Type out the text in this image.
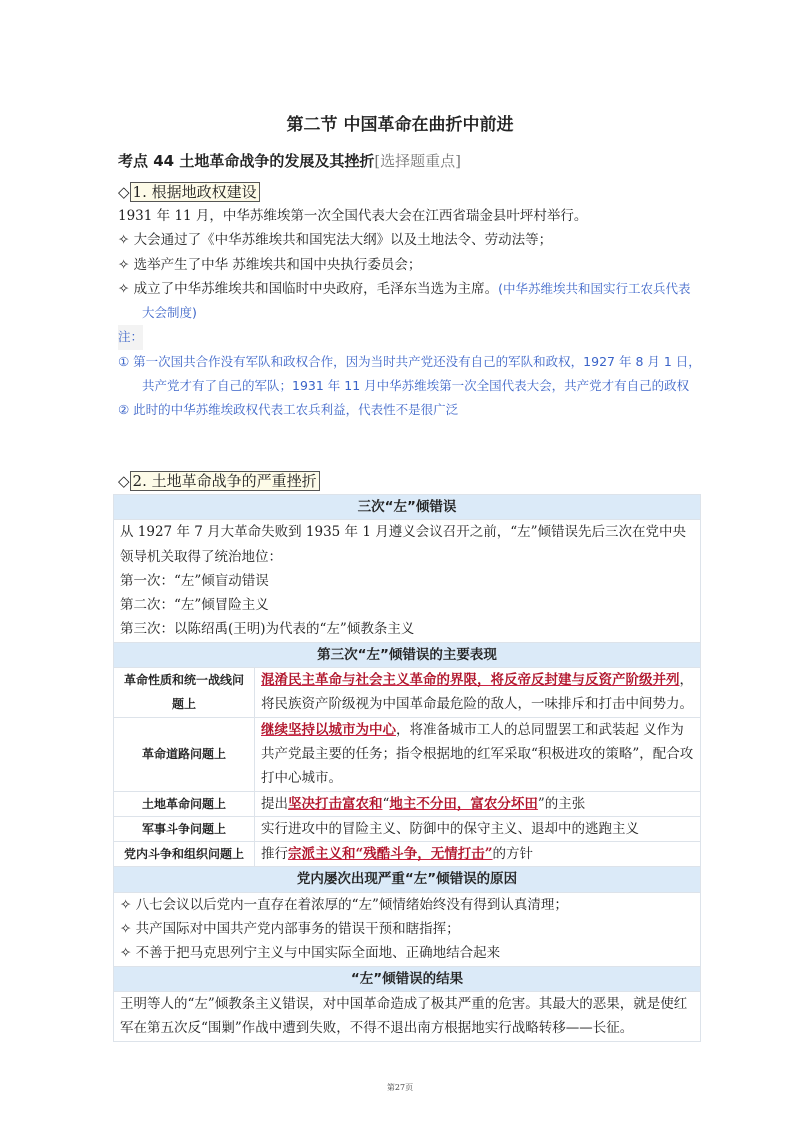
第二节 中国革命在曲折中前进
考点 44 土地革命战争的发展及其挫折[选择题重点]
◇ 1. 根据地政权建设
1931 年 11 月，中华苏维埃第一次全国代表大会在江西省瑞金县叶坪村举行。
✧ 大会通过了《中华苏维埃共和国宪法大纲》以及土地法令、劳动法等；
✧ 选举产生了中华 苏维埃共和国中央执行委员会；
✧ 成立了中华苏维埃共和国临时中央政府，毛泽东当选为主席。(中华苏维埃共和国实行工农兵代表大会制度)
注：
① 第一次国共合作没有军队和政权合作，因为当时共产党还没有自己的军队和政权，1927 年 8 月 1 日，共产党才有了自己的军队；1931 年 11 月中华苏维埃第一次全国代表大会，共产党才有自己的政权
② 此时的中华苏维埃政权代表工农兵利益，代表性不是很广泛
◇ 2. 土地革命战争的严重挫折
三次“左”倾错误	

从 1927 年 7 月大革命失败到 1935 年 1 月遵义会议召开之前，“左”倾错误先后三次在党中央领导机关取得了统治地位：
第一次：“左”倾盲动错误
第二次：“左”倾冒险主义
第三次：以陈绍禹(王明)为代表的“左”倾教条主义	

第三次“左”倾错误的主要表现	
革命性质和统一战线问题上	混淆民主革命与社会主义革命的界限，将反帝反封建与反资产阶级并列，将民族资产阶级视为中国革命最危险的敌人，一味排斥和打击中间势力。
革命道路问题上	继续坚持以城市为中心，将准备城市工人的总同盟罢工和武装起 义作为共产党最主要的任务；指令根据地的红军采取“积极进攻的策略”，配合攻打中心城市。
土地革命问题上	提出坚决打击富农和“地主不分田，富农分坏田”的主张
军事斗争问题上	实行进攻中的冒险主义、防御中的保守主义、退却中的逃跑主义
党内斗争和组织问题上	推行宗派主义和“残酷斗争，无情打击”的方针
党内屡次出现严重“左”倾错误的原因	

✧ 八七会议以后党内一直存在着浓厚的“左”倾情绪始终没有得到认真清理；
✧ 共产国际对中国共产党内部事务的错误干预和瞎指挥；
✧ 不善于把马克思列宁主义与中国实际全面地、正确地结合起来	

“左”倾错误的结果	
王明等人的“左”倾教条主义错误，对中国革命造成了极其严重的危害。其最大的恶果，就是使红军在第五次反“围剿”作战中遭到失败，不得不退出南方根据地实行战略转移——长征。	
第27页
